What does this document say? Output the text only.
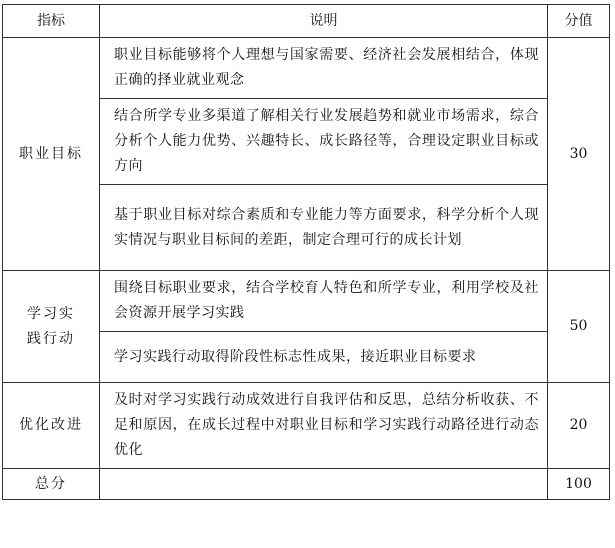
指标	说明	分值
职业目标	职业目标能够将个人理想与国家需要、经济社会发展相结合，体现正确的择业就业观念	30
	结合所学专业多渠道了解相关行业发展趋势和就业市场需求，综合分析个人能力优势、兴趣特长、成长路径等，合理设定职业目标或方向	
	基于职业目标对综合素质和专业能力等方面要求，科学分析个人现实情况与职业目标间的差距，制定合理可行的成长计划	
学习实践行动	围绕目标职业要求，结合学校育人特色和所学专业，利用学校及社会资源开展学习实践	50
	学习实践行动取得阶段性标志性成果，接近职业目标要求	
优化改进	及时对学习实践行动成效进行自我评估和反思，总结分析收获、不足和原因，在成长过程中对职业目标和学习实践行动路径进行动态优化	20
总分		100
